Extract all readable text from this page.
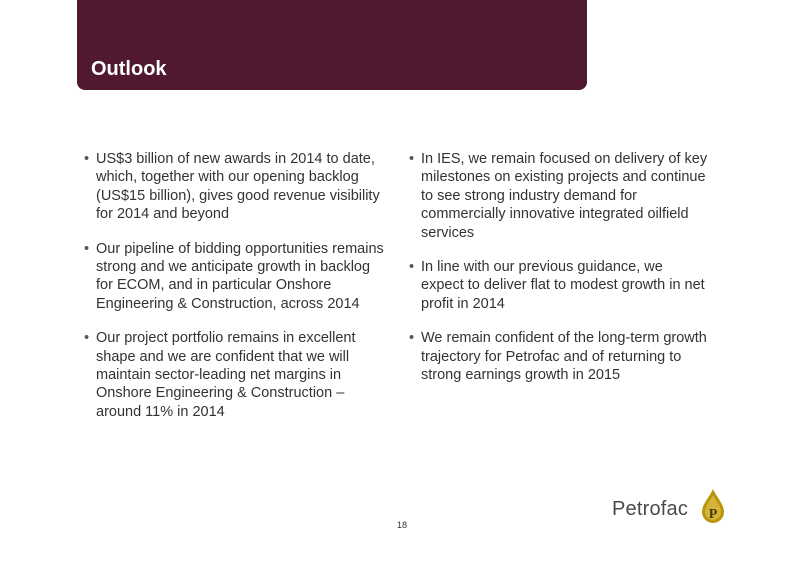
Outlook
• US$3 billion of new awards in 2014 to date, which, together with our opening backlog (US$15 billion), gives good revenue visibility for 2014 and beyond
• Our pipeline of bidding opportunities remains strong and we anticipate growth in backlog for ECOM, and in particular Onshore Engineering & Construction, across 2014
• Our project portfolio remains in excellent shape and we are confident that we will maintain sector-leading net margins in Onshore Engineering & Construction – around 11% in 2014
• In IES, we remain focused on delivery of key milestones on existing projects and continue to see strong industry demand for commercially innovative integrated oilfield services
• In line with our previous guidance, we expect to deliver flat to modest growth in net profit in 2014
• We remain confident of the long-term growth trajectory for Petrofac and of returning to strong earnings growth in 2015
18
Petrofac P
